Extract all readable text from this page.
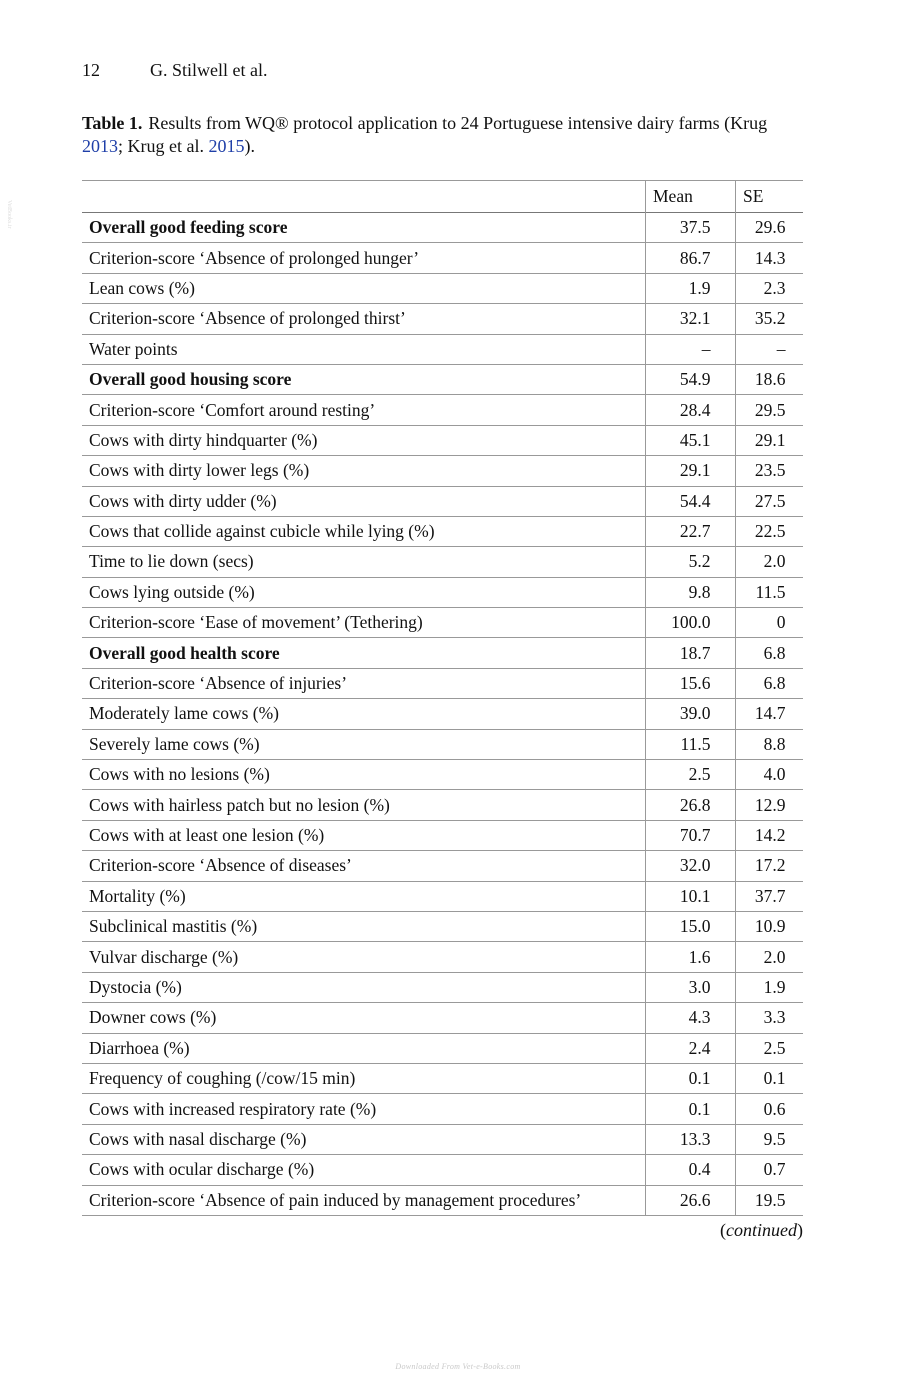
VetBooks.ir
12	G. Stilwell et al.
Table 1. Results from WQ® protocol application to 24 Portuguese intensive dairy farms (Krug 2013; Krug et al. 2015).
	Mean	SE
Overall good feeding score	37.5	29.6
Criterion-score ‘Absence of prolonged hunger’	86.7	14.3
Lean cows (%)	1.9	2.3
Criterion-score ‘Absence of prolonged thirst’	32.1	35.2
Water points	–	–
Overall good housing score	54.9	18.6
Criterion-score ‘Comfort around resting’	28.4	29.5
Cows with dirty hindquarter (%)	45.1	29.1
Cows with dirty lower legs (%)	29.1	23.5
Cows with dirty udder (%)	54.4	27.5
Cows that collide against cubicle while lying (%)	22.7	22.5
Time to lie down (secs)	5.2	2.0
Cows lying outside (%)	9.8	11.5
Criterion-score ‘Ease of movement’ (Tethering)	100.0	0
Overall good health score	18.7	6.8
Criterion-score ‘Absence of injuries’	15.6	6.8
Moderately lame cows (%)	39.0	14.7
Severely lame cows (%)	11.5	8.8
Cows with no lesions (%)	2.5	4.0
Cows with hairless patch but no lesion (%)	26.8	12.9
Cows with at least one lesion (%)	70.7	14.2
Criterion-score ‘Absence of diseases’	32.0	17.2
Mortality (%)	10.1	37.7
Subclinical mastitis (%)	15.0	10.9
Vulvar discharge (%)	1.6	2.0
Dystocia (%)	3.0	1.9
Downer cows (%)	4.3	3.3
Diarrhoea (%)	2.4	2.5
Frequency of coughing (/cow/15 min)	0.1	0.1
Cows with increased respiratory rate (%)	0.1	0.6
Cows with nasal discharge (%)	13.3	9.5
Cows with ocular discharge (%)	0.4	0.7
Criterion-score ‘Absence of pain induced by management procedures’	26.6	19.5
(continued)
Downloaded From Vet-e-Books.com
